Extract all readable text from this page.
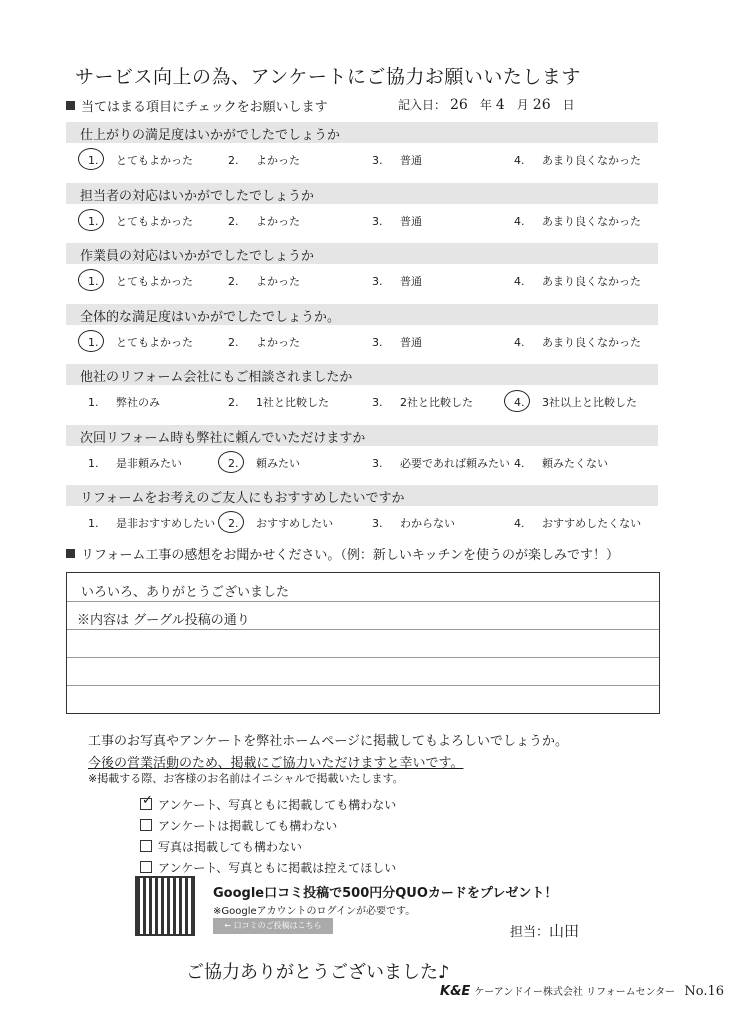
サービス向上の為、アンケートにご協力お願いいたします
当てはまる項目にチェックをお願いします	記入日： 26 年 4 月 26 日
仕上がりの満足度はいかがでしたでしょうか
1. とてもよかった	2. よかった	3. 普通	4. あまり良くなかった
担当者の対応はいかがでしたでしょうか
1. とてもよかった	2. よかった	3. 普通	4. あまり良くなかった
作業員の対応はいかがでしたでしょうか
1. とてもよかった	2. よかった	3. 普通	4. あまり良くなかった
全体的な満足度はいかがでしたでしょうか。
1. とてもよかった	2. よかった	3. 普通	4. あまり良くなかった
他社のリフォーム会社にもご相談されましたか
1. 弊社のみ	2. 1社と比較した	3. 2社と比較した	4. 3社以上と比較した
次回リフォーム時も弊社に頼んでいただけますか
1. 是非頼みたい	2. 頼みたい	3. 必要であれば頼みたい 4. 頼みたくない
リフォームをお考えのご友人にもおすすめしたいですか
1. 是非おすすめしたい 2. おすすめしたい	3. わからない	4. おすすめしたくない
リフォーム工事の感想をお聞かせください。（例：新しいキッチンを使うのが楽しみです！）
いろいろ、ありがとうございました
※内容は グーグル投稿の通り
工事のお写真やアンケートを弊社ホームページに掲載してもよろしいでしょうか。
今後の営業活動のため、掲載にご協力いただけますと幸いです。
※掲載する際、お客様のお名前はイニシャルで掲載いたします。
✓ アンケート、写真ともに掲載しても構わない
アンケートは掲載しても構わない
写真は掲載しても構わない
アンケート、写真ともに掲載は控えてほしい
Google口コミ投稿で500円分QUOカードをプレゼント！
※Googleアカウントのログインが必要です。
← 口コミのご投稿はこちら	担当：山田
ご協力ありがとうございました♪
K&E ケーアンドイー株式会社 リフォームセンター No.16
